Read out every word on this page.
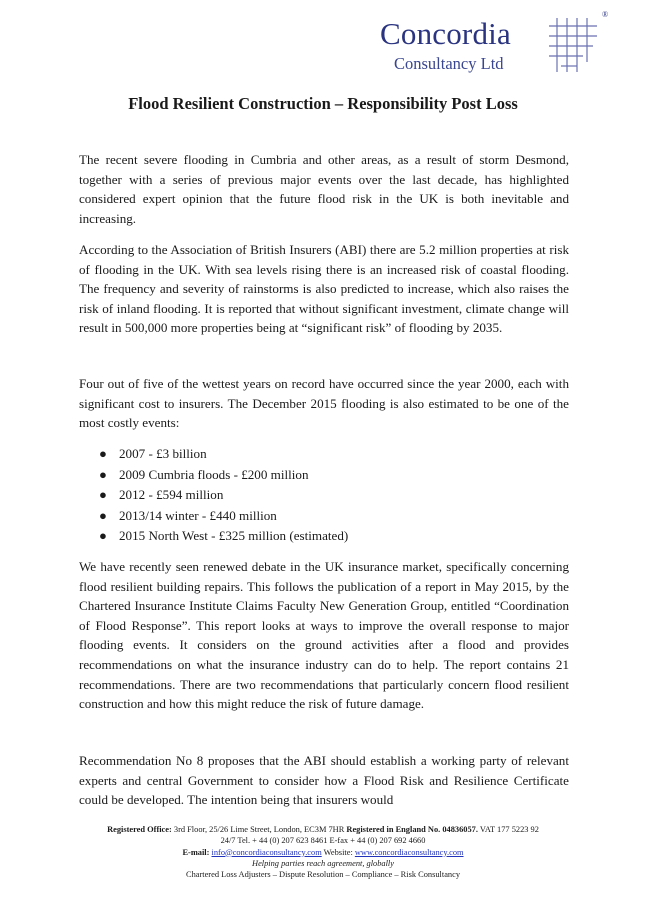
Concordia
Consultancy Ltd
®
Flood Resilient Construction – Responsibility Post Loss

The recent severe flooding in Cumbria and other areas, as a result of storm Desmond, together with a series of previous major events over the last decade, has highlighted considered expert opinion that the future flood risk in the UK is both inevitable and increasing.

According to the Association of British Insurers (ABI) there are 5.2 million properties at risk of flooding in the UK. With sea levels rising there is an increased risk of coastal flooding. The frequency and severity of rainstorms is also predicted to increase, which also raises the risk of inland flooding. It is reported that without significant investment, climate change will result in 500,000 more properties being at “significant risk” of flooding by 2035.

Four out of five of the wettest years on record have occurred since the year 2000, each with significant cost to insurers. The December 2015 flooding is also estimated to be one of the most costly events:

● 2007 - £3 billion
● 2009 Cumbria floods - £200 million
● 2012 - £594 million
● 2013/14 winter - £440 million
● 2015 North West - £325 million (estimated)

We have recently seen renewed debate in the UK insurance market, specifically concerning flood resilient building repairs. This follows the publication of a report in May 2015, by the Chartered Insurance Institute Claims Faculty New Generation Group, entitled “Coordination of Flood Response”. This report looks at ways to improve the overall response to major flooding events. It considers on the ground activities after a flood and provides recommendations on what the insurance industry can do to help. The report contains 21 recommendations. There are two recommendations that particularly concern flood resilient construction and how this might reduce the risk of future damage.

Recommendation No 8 proposes that the ABI should establish a working party of relevant experts and central Government to consider how a Flood Risk and Resilience Certificate could be developed. The intention being that insurers would

Registered Office: 3rd Floor, 25/26 Lime Street, London, EC3M 7HR Registered in England No. 04836057. VAT 177 5223 92
24/7 Tel. + 44 (0) 207 623 8461 E-fax + 44 (0) 207 692 4660
E-mail: info@concordiaconsultancy.com Website: www.concordiaconsultancy.com
Helping parties reach agreement, globally
Chartered Loss Adjusters – Dispute Resolution – Compliance – Risk Consultancy
